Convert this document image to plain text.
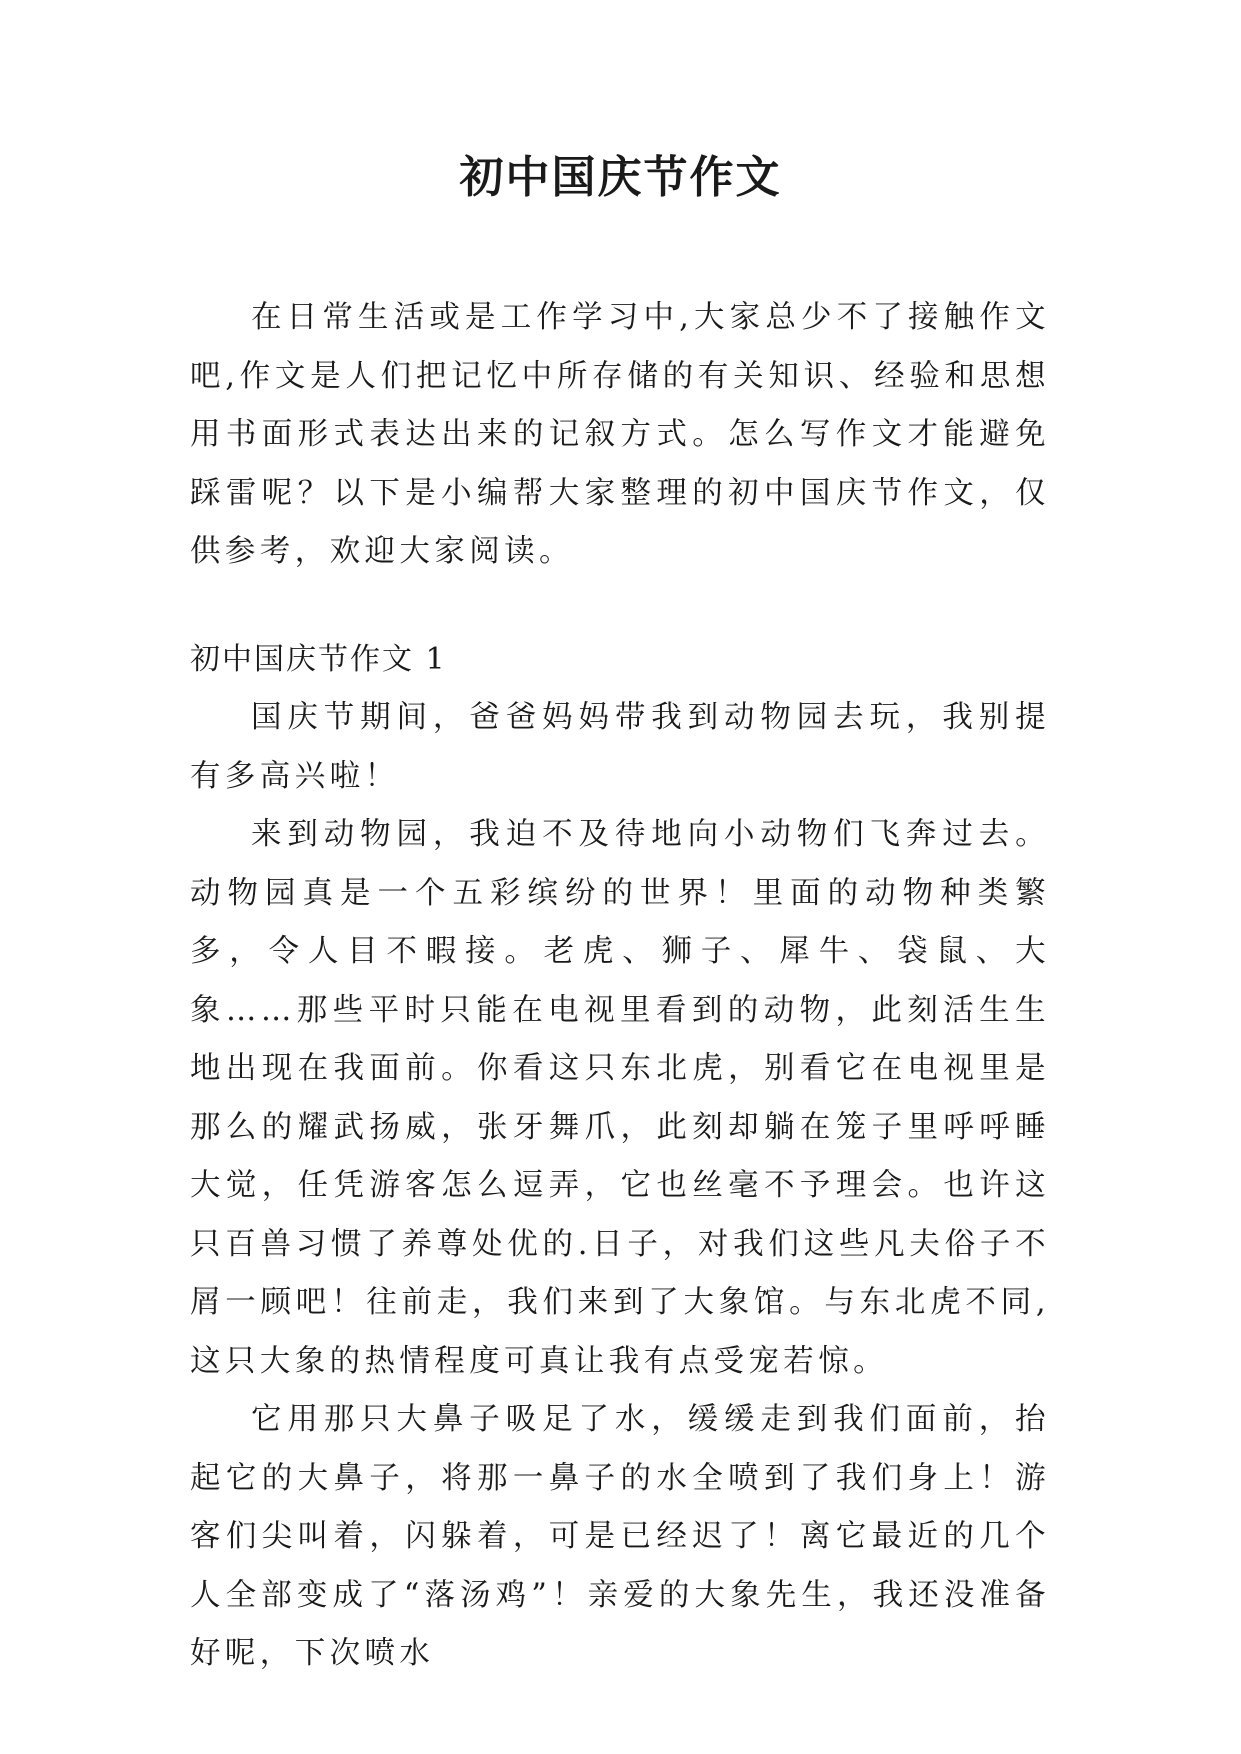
初中国庆节作文

在日常生活或是工作学习中,大家总少不了接触作文吧,作文是人们把记忆中所存储的有关知识、经验和思想用书面形式表达出来的记叙方式。怎么写作文才能避免踩雷呢？以下是小编帮大家整理的初中国庆节作文，仅供参考，欢迎大家阅读。

初中国庆节作文 1

国庆节期间，爸爸妈妈带我到动物园去玩，我别提有多高兴啦！

来到动物园，我迫不及待地向小动物们飞奔过去。动物园真是一个五彩缤纷的世界！里面的动物种类繁多，令人目不暇接。老虎、狮子、犀牛、袋鼠、大象……那些平时只能在电视里看到的动物，此刻活生生地出现在我面前。你看这只东北虎，别看它在电视里是那么的耀武扬威，张牙舞爪，此刻却躺在笼子里呼呼睡大觉，任凭游客怎么逗弄，它也丝毫不予理会。也许这只百兽习惯了养尊处优的.日子，对我们这些凡夫俗子不屑一顾吧！往前走，我们来到了大象馆。与东北虎不同,这只大象的热情程度可真让我有点受宠若惊。

它用那只大鼻子吸足了水，缓缓走到我们面前，抬起它的大鼻子，将那一鼻子的水全喷到了我们身上！游客们尖叫着，闪躲着，可是已经迟了！离它最近的几个人全部变成了“落汤鸡”！亲爱的大象先生，我还没准备好呢，下次喷水
